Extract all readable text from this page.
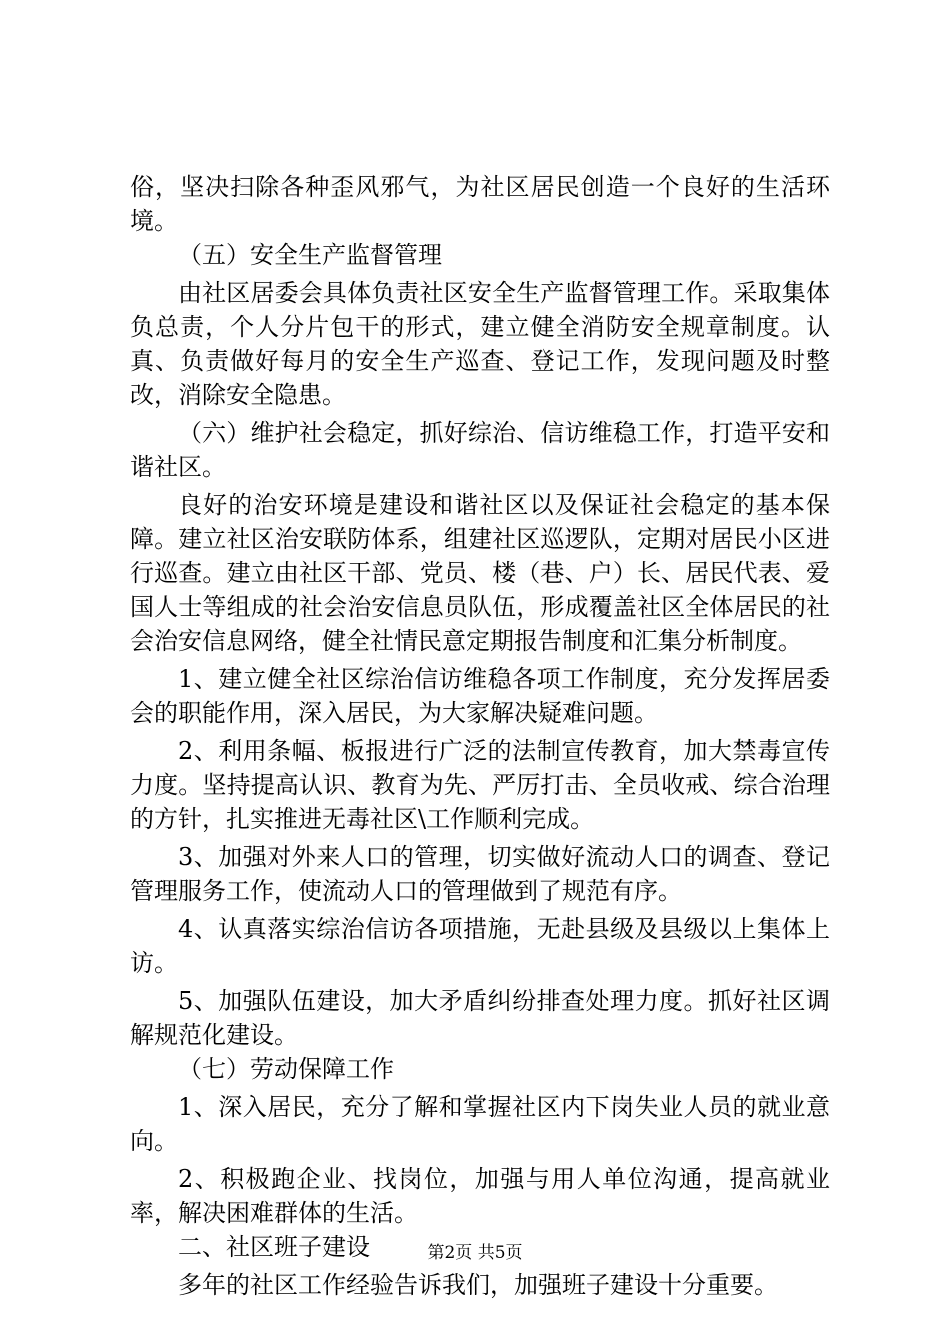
俗，坚决扫除各种歪风邪气，为社区居民创造一个良好的生活环境。

（五）安全生产监督管理

由社区居委会具体负责社区安全生产监督管理工作。采取集体负总责，个人分片包干的形式，建立健全消防安全规章制度。认真、负责做好每月的安全生产巡查、登记工作，发现问题及时整改，消除安全隐患。

（六）维护社会稳定，抓好综治、信访维稳工作，打造平安和谐社区。

良好的治安环境是建设和谐社区以及保证社会稳定的基本保障。建立社区治安联防体系，组建社区巡逻队，定期对居民小区进行巡查。建立由社区干部、党员、楼（巷、户）长、居民代表、爱国人士等组成的社会治安信息员队伍，形成覆盖社区全体居民的社会治安信息网络，健全社情民意定期报告制度和汇集分析制度。

1、建立健全社区综治信访维稳各项工作制度，充分发挥居委会的职能作用，深入居民，为大家解决疑难问题。

2、利用条幅、板报进行广泛的法制宣传教育，加大禁毒宣传力度。坚持提高认识、教育为先、严厉打击、全员收戒、综合治理的方针，扎实推进无毒社区\工作顺利完成。

3、加强对外来人口的管理，切实做好流动人口的调查、登记管理服务工作，使流动人口的管理做到了规范有序。

4、认真落实综治信访各项措施，无赴县级及县级以上集体上访。

5、加强队伍建设，加大矛盾纠纷排查处理力度。抓好社区调解规范化建设。

（七）劳动保障工作

1、深入居民，充分了解和掌握社区内下岗失业人员的就业意向。

2、积极跑企业、找岗位，加强与用人单位沟通，提高就业率，解决困难群体的生活。

二、社区班子建设

多年的社区工作经验告诉我们，加强班子建设十分重要。

第2页 共5页
